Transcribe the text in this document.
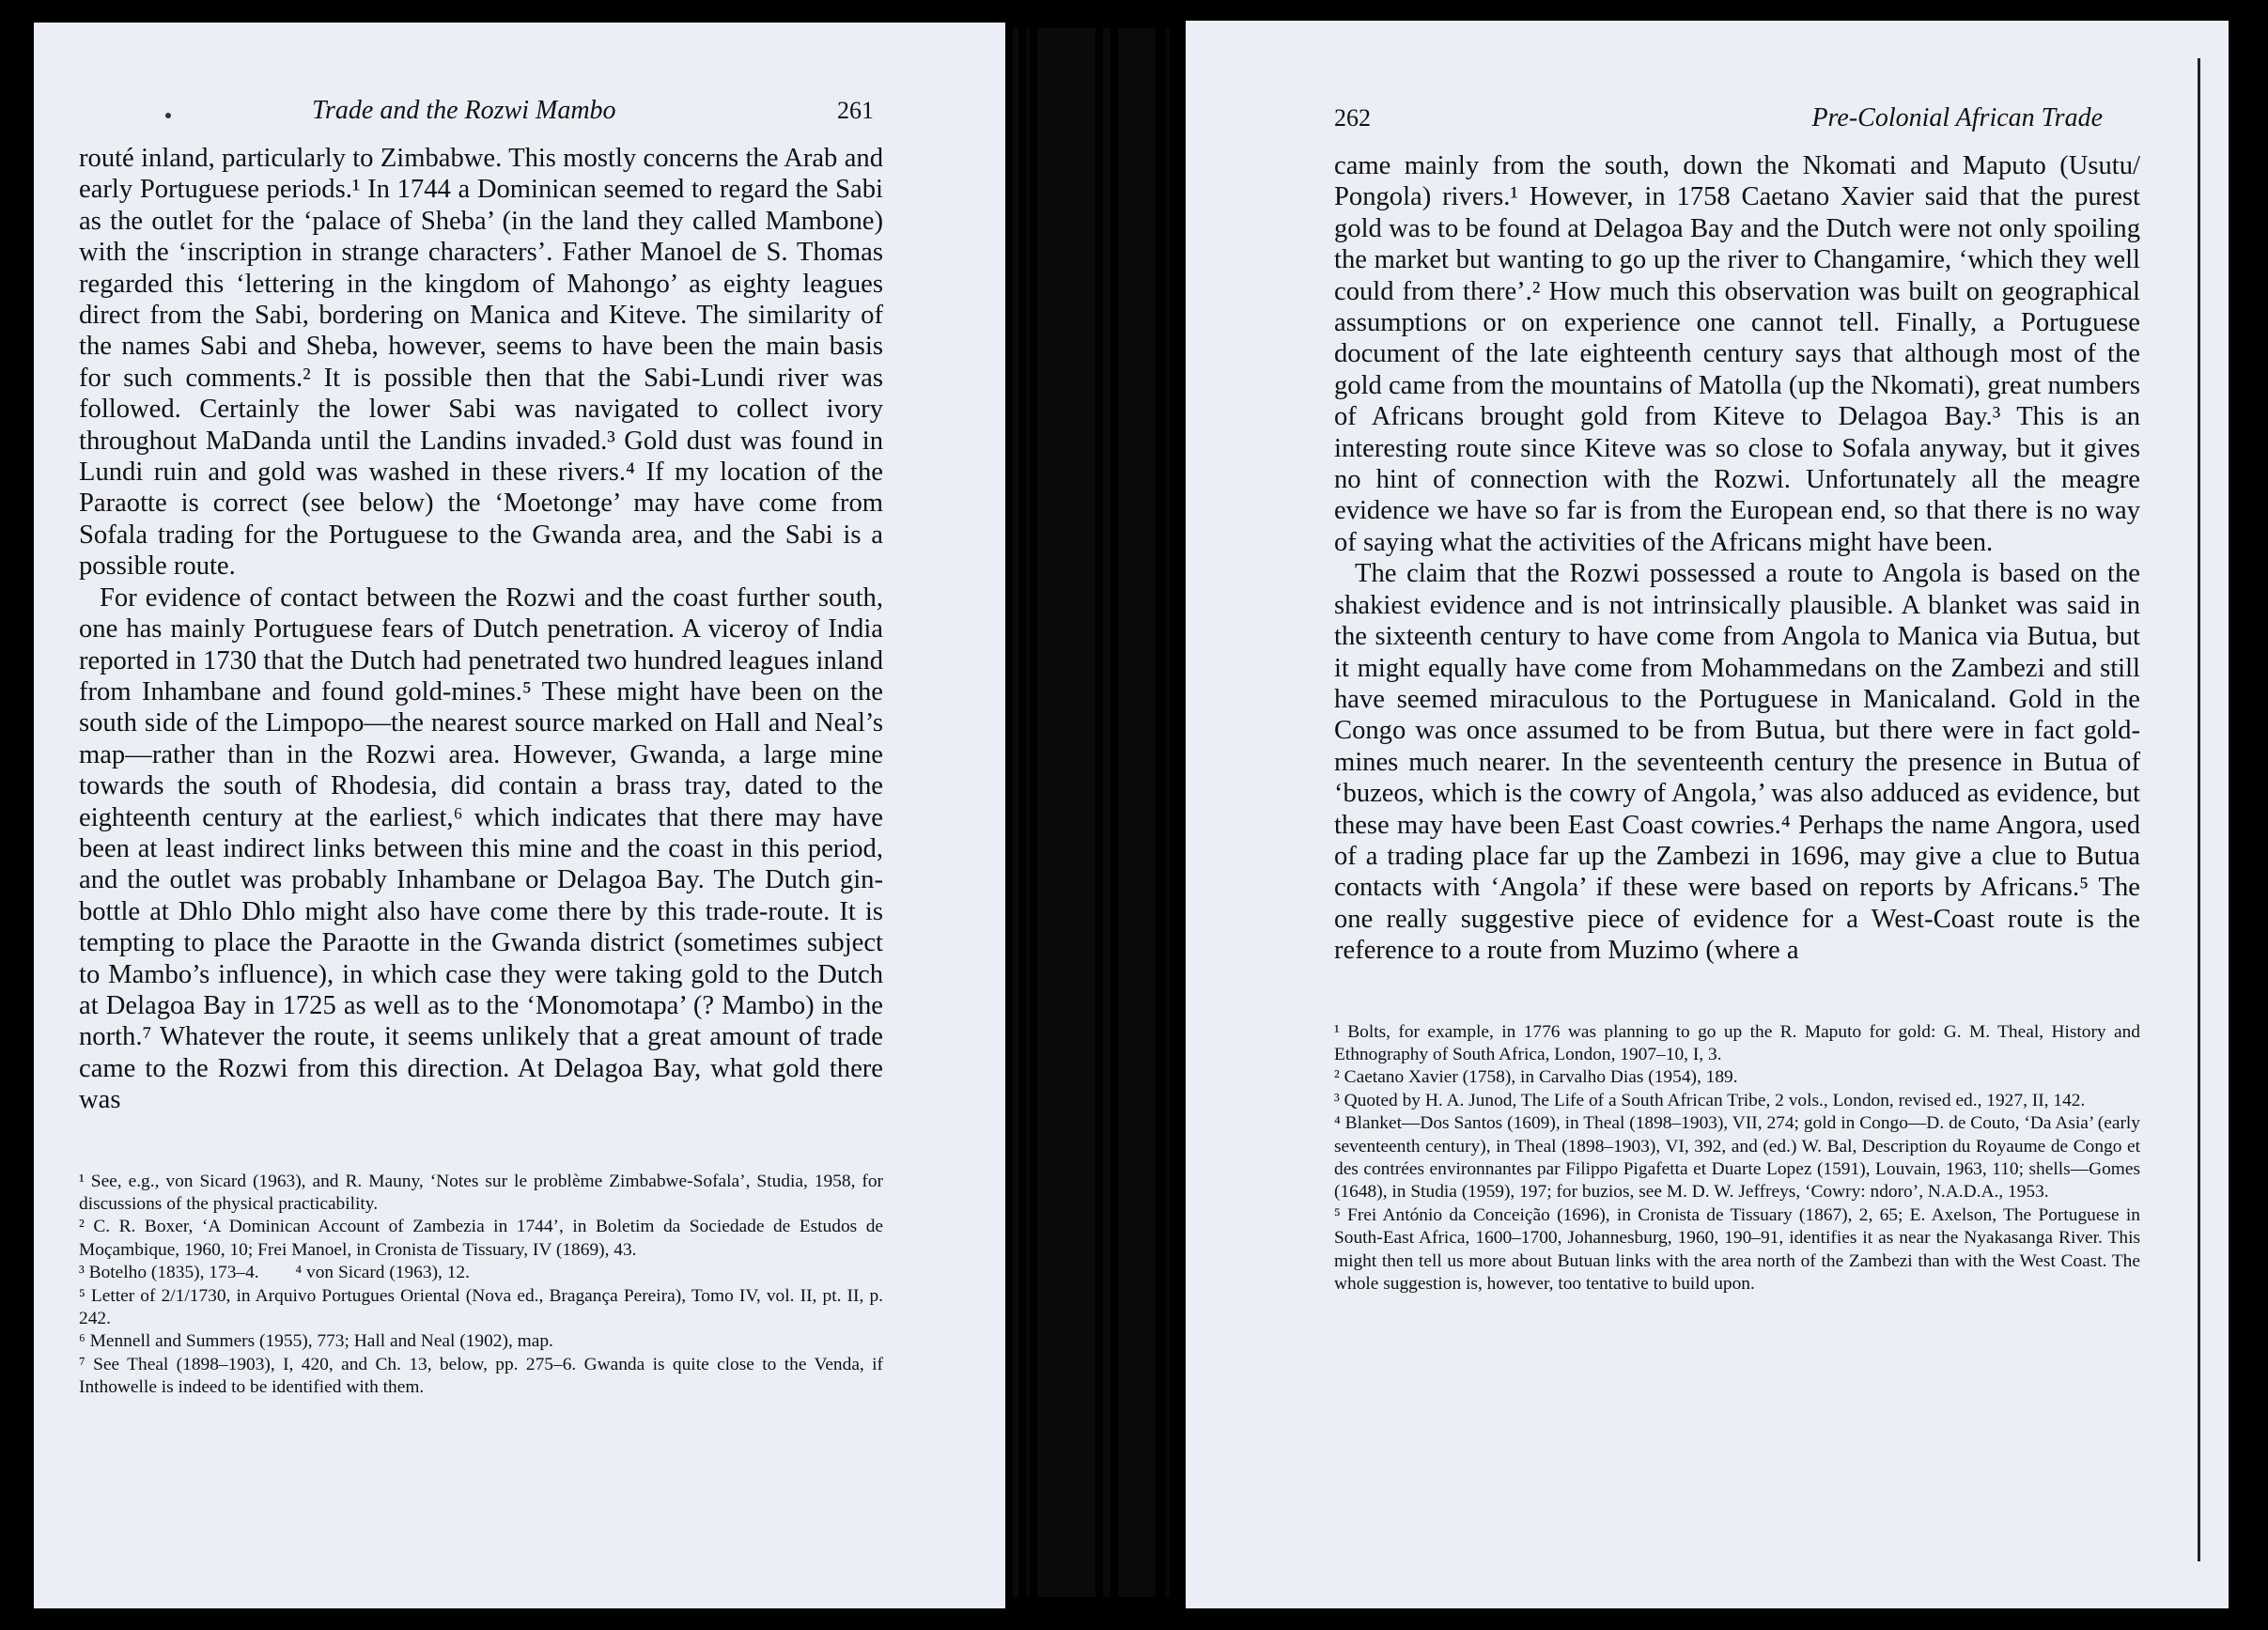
Trade and the Rozwi Mambo	261

routé inland, particularly to Zimbabwe. This mostly concerns the Arab and early Portuguese periods.¹ In 1744 a Dominican seemed to regard the Sabi as the outlet for the ‘palace of Sheba’ (in the land they called Mambone) with the ‘inscription in strange characters’. Father Manoel de S. Thomas regarded this ‘lettering in the kingdom of Mahongo’ as eighty leagues direct from the Sabi, bordering on Manica and Kiteve. The similarity of the names Sabi and Sheba, however, seems to have been the main basis for such comments.² It is possible then that the Sabi-Lundi river was followed. Certainly the lower Sabi was navigated to collect ivory throughout MaDanda until the Landins invaded.³ Gold dust was found in Lundi ruin and gold was washed in these rivers.⁴ If my location of the Paraotte is correct (see below) the ‘Moetonge’ may have come from Sofala trading for the Portuguese to the Gwanda area, and the Sabi is a possible route.

For evidence of contact between the Rozwi and the coast further south, one has mainly Portuguese fears of Dutch penetration. A viceroy of India reported in 1730 that the Dutch had penetrated two hundred leagues inland from Inhambane and found gold-mines.⁵ These might have been on the south side of the Limpopo—the nearest source marked on Hall and Neal’s map—rather than in the Rozwi area. However, Gwanda, a large mine towards the south of Rhodesia, did contain a brass tray, dated to the eighteenth century at the earliest,⁶ which indicates that there may have been at least indirect links between this mine and the coast in this period, and the outlet was probably Inhambane or Delagoa Bay. The Dutch gin-bottle at Dhlo Dhlo might also have come there by this trade-route. It is tempting to place the Paraotte in the Gwanda district (sometimes subject to Mambo’s influence), in which case they were taking gold to the Dutch at Delagoa Bay in 1725 as well as to the ‘Monomotapa’ (? Mambo) in the north.⁷ Whatever the route, it seems unlikely that a great amount of trade came to the Rozwi from this direction. At Delagoa Bay, what gold there was

¹ See, e.g., von Sicard (1963), and R. Mauny, ‘Notes sur le problème Zimbabwe-Sofala’, Studia, 1958, for discussions of the physical practicability.

² C. R. Boxer, ‘A Dominican Account of Zambezia in 1744’, in Boletim da Sociedade de Estudos de Moçambique, 1960, 10; Frei Manoel, in Cronista de Tissuary, IV (1869), 43.

³ Botelho (1835), 173–4.        ⁴ von Sicard (1963), 12.

⁵ Letter of 2/1/1730, in Arquivo Portugues Oriental (Nova ed., Bragança Pereira), Tomo IV, vol. II, pt. II, p. 242.

⁶ Mennell and Summers (1955), 773; Hall and Neal (1902), map.

⁷ See Theal (1898–1903), I, 420, and Ch. 13, below, pp. 275–6. Gwanda is quite close to the Venda, if Inthowelle is indeed to be identified with them.

262	Pre-Colonial African Trade

came mainly from the south, down the Nkomati and Maputo (Usutu/ Pongola) rivers.¹ However, in 1758 Caetano Xavier said that the purest gold was to be found at Delagoa Bay and the Dutch were not only spoiling the market but wanting to go up the river to Changamire, ‘which they well could from there’.² How much this observation was built on geographical assumptions or on experience one cannot tell. Finally, a Portuguese document of the late eighteenth century says that although most of the gold came from the mountains of Matolla (up the Nkomati), great numbers of Africans brought gold from Kiteve to Delagoa Bay.³ This is an interesting route since Kiteve was so close to Sofala anyway, but it gives no hint of connection with the Rozwi. Unfortunately all the meagre evidence we have so far is from the European end, so that there is no way of saying what the activities of the Africans might have been.

The claim that the Rozwi possessed a route to Angola is based on the shakiest evidence and is not intrinsically plausible. A blanket was said in the sixteenth century to have come from Angola to Manica via Butua, but it might equally have come from Mohammedans on the Zambezi and still have seemed miraculous to the Portuguese in Manicaland. Gold in the Congo was once assumed to be from Butua, but there were in fact gold-mines much nearer. In the seventeenth century the presence in Butua of ‘buzeos, which is the cowry of Angola,’ was also adduced as evidence, but these may have been East Coast cowries.⁴ Perhaps the name Angora, used of a trading place far up the Zambezi in 1696, may give a clue to Butua contacts with ‘Angola’ if these were based on reports by Africans.⁵ The one really suggestive piece of evidence for a West-Coast route is the reference to a route from Muzimo (where a

¹ Bolts, for example, in 1776 was planning to go up the R. Maputo for gold: G. M. Theal, History and Ethnography of South Africa, London, 1907–10, I, 3.

² Caetano Xavier (1758), in Carvalho Dias (1954), 189.

³ Quoted by H. A. Junod, The Life of a South African Tribe, 2 vols., London, revised ed., 1927, II, 142.

⁴ Blanket—Dos Santos (1609), in Theal (1898–1903), VII, 274; gold in Congo—D. de Couto, ‘Da Asia’ (early seventeenth century), in Theal (1898–1903), VI, 392, and (ed.) W. Bal, Description du Royaume de Congo et des contrées environnantes par Filippo Pigafetta et Duarte Lopez (1591), Louvain, 1963, 110; shells—Gomes (1648), in Studia (1959), 197; for buzios, see M. D. W. Jeffreys, ‘Cowry: ndoro’, N.A.D.A., 1953.

⁵ Frei António da Conceição (1696), in Cronista de Tissuary (1867), 2, 65; E. Axelson, The Portuguese in South-East Africa, 1600–1700, Johannesburg, 1960, 190–91, identifies it as near the Nyakasanga River. This might then tell us more about Butuan links with the area north of the Zambezi than with the West Coast. The whole suggestion is, however, too tentative to build upon.
